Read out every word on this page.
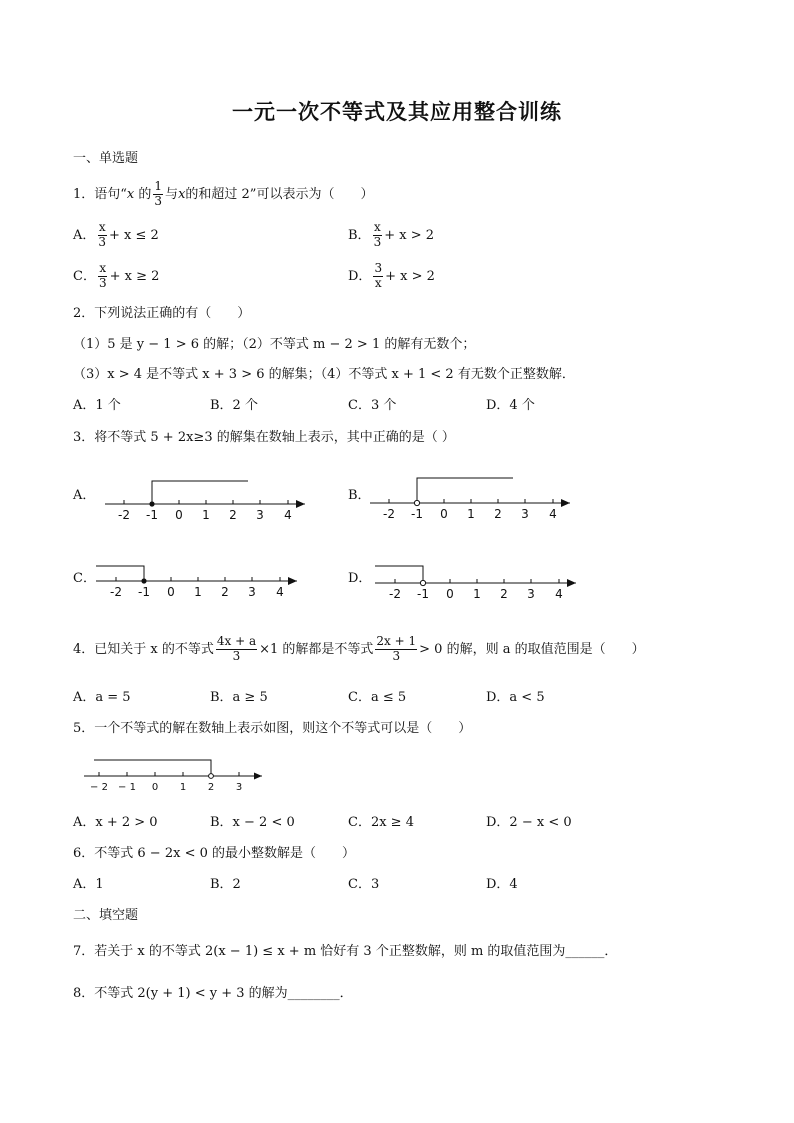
一元一次不等式及其应用整合训练
一、单选题
1．语句“x 的 $\frac{1}{3}$ 与x的和超过 2”可以表示为（　　）
A． $\frac{x}{3} + x \le 2$	B． $\frac{x}{3} + x > 2$
C． $\frac{x}{3} + x \ge 2$	D． $\frac{3}{x} + x > 2$
2．下列说法正确的有（　　）
（1）5 是 y − 1 > 6 的解；（2）不等式 m − 2 > 1 的解有无数个；
（3）x > 4 是不等式 x + 3 > 6 的解集；（4）不等式 x + 1 < 2 有无数个正整数解．
A．1 个	B．2 个	C．3 个	D．4 个
3．将不等式 5 + 2x≥3 的解集在数轴上表示，其中正确的是（ ）
A．
-2 -1 0 1 2 3 4
B．
-2 -1 0 1 2 3 4
C．
-2 -1 0 1 2 3 4
D．
-2 -1 0 1 2 3 4
4．已知关于 x 的不等式 $\frac{4x + a}{3} \times 1$ 的解都是不等式 $\frac{2x + 1}{3} > 0$ 的解，则 a 的取值范围是（　　）
A．a = 5	B．a ≥ 5	C．a ≤ 5	D．a < 5
5．一个不等式的解在数轴上表示如图，则这个不等式可以是（　　）
− 2 − 1 0 1 2 3
A．x + 2 > 0	B．x − 2 < 0	C．2x ≥ 4	D．2 − x < 0
6．不等式 6 − 2x < 0 的最小整数解是（　　）
A．1	B．2	C．3	D．4
二、填空题
7．若关于 x 的不等式 2(x − 1) ≤ x + m 恰好有 3 个正整数解，则 m 的取值范围为______．
8．不等式 2(y + 1) < y + 3 的解为________．
